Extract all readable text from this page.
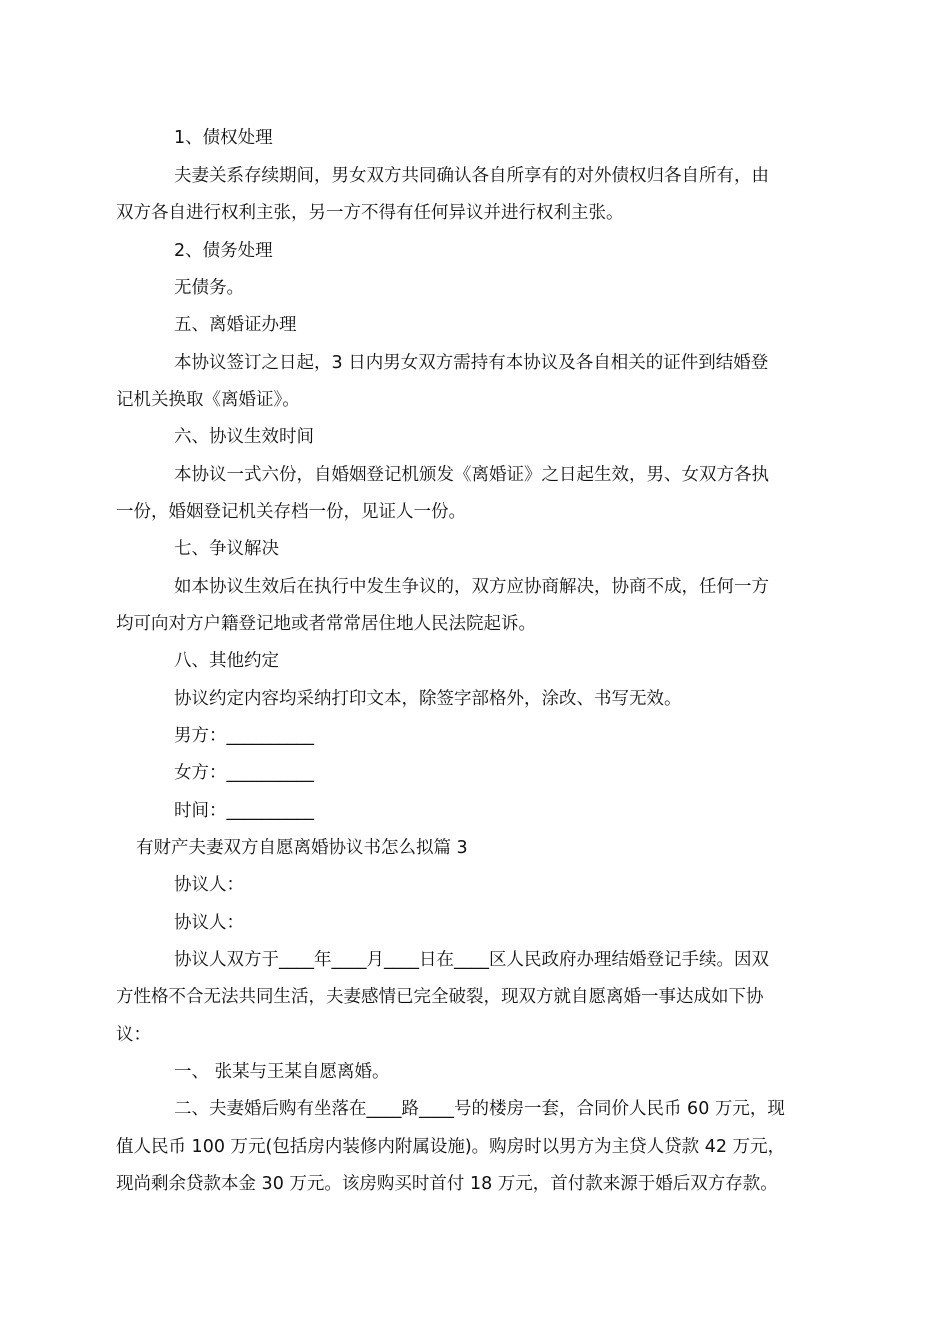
1、债权处理
夫妻关系存续期间，男女双方共同确认各自所享有的对外债权归各自所有，由
双方各自进行权利主张，另一方不得有任何异议并进行权利主张。
2、债务处理
无债务。
五、离婚证办理
本协议签订之日起，3 日内男女双方需持有本协议及各自相关的证件到结婚登
记机关换取《离婚证》。
六、协议生效时间
本协议一式六份，自婚姻登记机颁发《离婚证》之日起生效，男、女双方各执
一份，婚姻登记机关存档一份，见证人一份。
七、争议解决
如本协议生效后在执行中发生争议的，双方应协商解决，协商不成，任何一方
均可向对方户籍登记地或者常常居住地人民法院起诉。
八、其他约定
协议约定内容均采纳打印文本，除签字部格外，涂改、书写无效。
男方：__________
女方：__________
时间：__________
有财产夫妻双方自愿离婚协议书怎么拟篇 3
协议人：
协议人：
协议人双方于____年____月____日在____区人民政府办理结婚登记手续。因双
方性格不合无法共同生活，夫妻感情已完全破裂，现双方就自愿离婚一事达成如下协
议：
一、 张某与王某自愿离婚。
二、夫妻婚后购有坐落在____路____号的楼房一套，合同价人民币 60 万元，现
值人民币 100 万元(包括房内装修内附属设施)。购房时以男方为主贷人贷款 42 万元，
现尚剩余贷款本金 30 万元。该房购买时首付 18 万元，首付款来源于婚后双方存款。
